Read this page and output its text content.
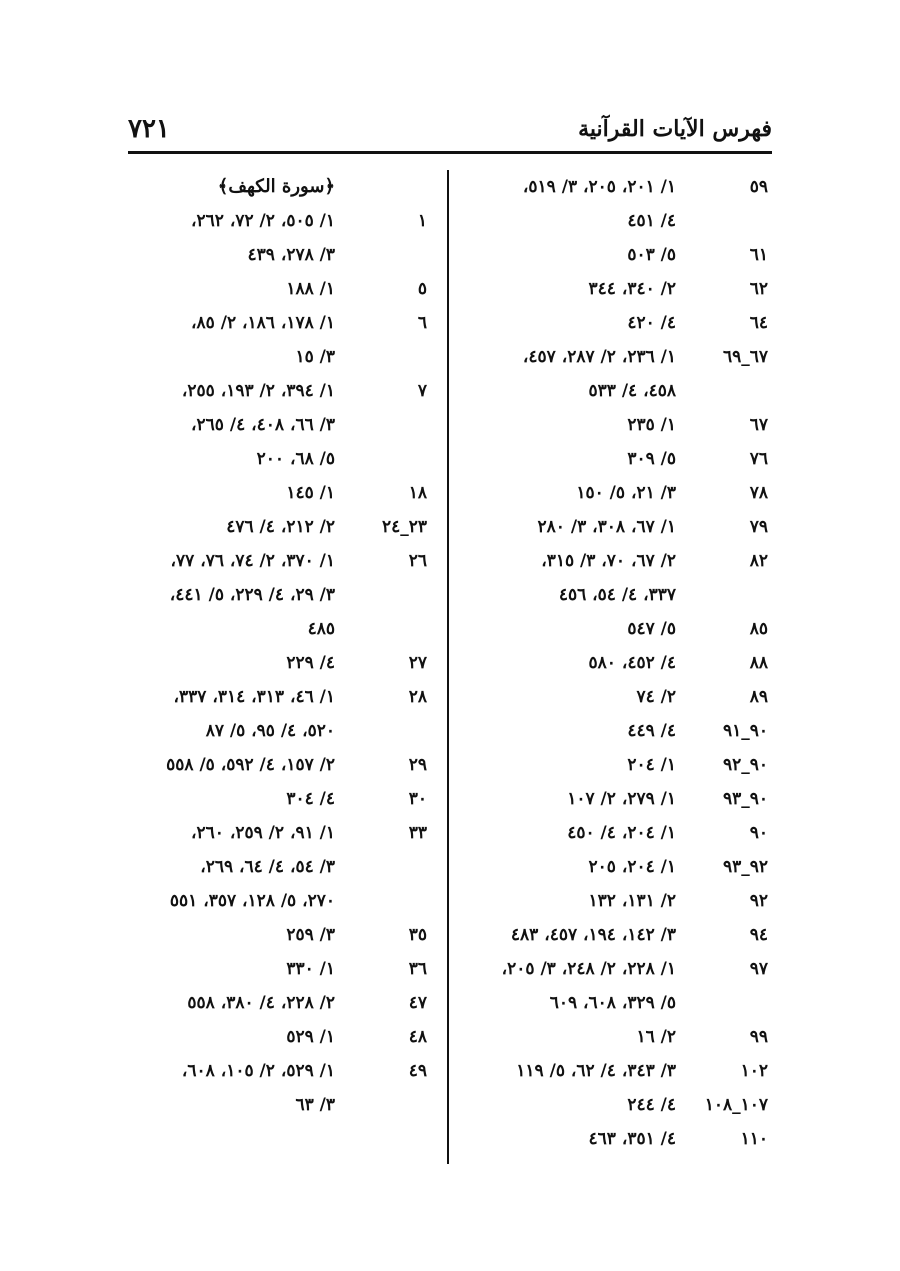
فهرس الآيات القرآنية
٧٢١
٥٩
١/ ٢٠١، ٢٠٥، ٣/ ٥١٩،
٤/ ٤٥١
٦١
٥/ ٥٠٣
٦٢
٢/ ٣٤٠، ٣٤٤
٦٤
٤/ ٤٢٠
٦٧_٦٩
١/ ٢٣٦، ٢/ ٢٨٧، ٤٥٧،
٤٥٨، ٤/ ٥٣٣
٦٧
١/ ٢٣٥
٧٦
٥/ ٣٠٩
٧٨
٣/ ٢١، ٥/ ١٥٠
٧٩
١/ ٦٧، ٣٠٨، ٣/ ٢٨٠
٨٢
٢/ ٦٧، ٧٠، ٣/ ٣١٥،
٣٣٧، ٤/ ٥٤، ٤٥٦
٨٥
٥/ ٥٤٧
٨٨
٤/ ٤٥٢، ٥٨٠
٨٩
٢/ ٧٤
٩٠_٩١
٤/ ٤٤٩
٩٠_٩٢
١/ ٢٠٤
٩٠_٩٣
١/ ٢٧٩، ٢/ ١٠٧
٩٠
١/ ٢٠٤، ٤/ ٤٥٠
٩٢_٩٣
١/ ٢٠٤، ٢٠٥
٩٢
٢/ ١٣١، ١٣٢
٩٤
٣/ ١٤٢، ١٩٤، ٤٥٧، ٤٨٣
٩٧
١/ ٢٢٨، ٢/ ٢٤٨، ٣/ ٢٠٥،
٥/ ٣٢٩، ٦٠٨، ٦٠٩
٩٩
٢/ ١٦
١٠٢
٣/ ٣٤٣، ٤/ ٦٢، ٥/ ١١٩
١٠٧_١٠٨
٤/ ٢٤٤
١١٠
٤/ ٣٥١، ٤٦٣
﴿سورة الكهف﴾
١
١/ ٥٠٥، ٢/ ٧٢، ٢٦٢،
٣/ ٢٧٨، ٤٣٩
٥
١/ ١٨٨
٦
١/ ١٧٨، ١٨٦، ٢/ ٨٥،
٣/ ١٥
٧
١/ ٣٩٤، ٢/ ١٩٣، ٢٥٥،
٣/ ٦٦، ٤٠٨، ٤/ ٢٦٥،
٥/ ٦٨، ٢٠٠
١٨
١/ ١٤٥
٢٣_٢٤
٢/ ٢١٢، ٤/ ٤٧٦
٢٦
١/ ٣٧٠، ٢/ ٧٤، ٧٦، ٧٧،
٣/ ٢٩، ٤/ ٢٢٩، ٥/ ٤٤١،
٤٨٥
٢٧
٤/ ٢٢٩
٢٨
١/ ٤٦، ٣١٣، ٣١٤، ٣٣٧،
٥٢٠، ٤/ ٩٥، ٥/ ٨٧
٢٩
٢/ ١٥٧، ٤/ ٥٩٢، ٥/ ٥٥٨
٣٠
٤/ ٣٠٤
٣٣
١/ ٩١، ٢/ ٢٥٩، ٢٦٠،
٣/ ٥٤، ٤/ ٦٤، ٢٦٩،
٢٧٠، ٥/ ١٢٨، ٣٥٧، ٥٥١
٣٥
٣/ ٢٥٩
٣٦
١/ ٣٣٠
٤٧
٢/ ٢٢٨، ٤/ ٣٨٠، ٥٥٨
٤٨
١/ ٥٢٩
٤٩
١/ ٥٢٩، ٢/ ١٠٥، ٦٠٨،
٣/ ٦٣
